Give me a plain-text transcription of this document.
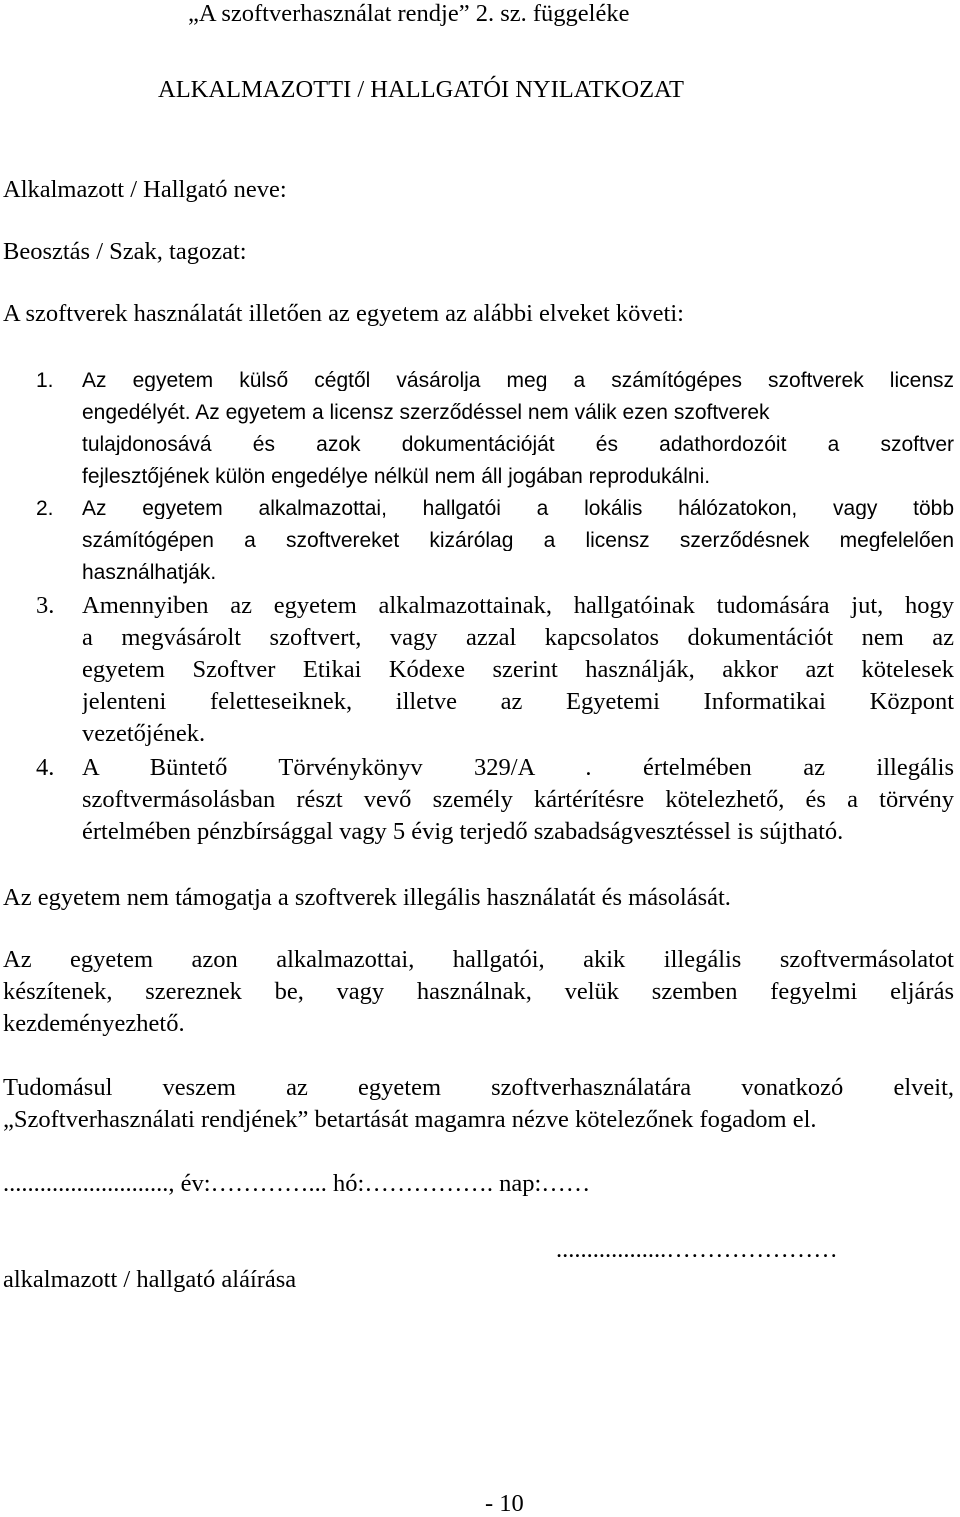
„A szoftverhasználat rendje” 2. sz. függeléke
ALKALMAZOTTI / HALLGATÓI NYILATKOZAT
Alkalmazott / Hallgató neve:
Beosztás / Szak, tagozat:
A szoftverek használatát illetően az egyetem az alábbi elveket követi:
1. Az egyetem külső cégtől vásárolja meg a számítógépes szoftverek licensz
engedélyét. Az egyetem a licensz szerződéssel nem válik ezen szoftverek
tulajdonosává és azok dokumentációját és adathordozóit a szoftver
fejlesztőjének külön engedélye nélkül nem áll jogában reprodukálni.
2. Az egyetem alkalmazottai, hallgatói a lokális hálózatokon, vagy több
számítógépen a szoftvereket kizárólag a licensz szerződésnek megfelelően
használhatják.
3. Amennyiben az egyetem alkalmazottainak, hallgatóinak tudomására jut, hogy
a megvásárolt szoftvert, vagy azzal kapcsolatos dokumentációt nem az
egyetem Szoftver Etikai Kódexe szerint használják, akkor azt kötelesek
jelenteni feletteseiknek, illetve az Egyetemi Informatikai Központ
vezetőjének.
4. A Büntető Törvénykönyv 329/A . értelmében az illegális
szoftvermásolásban részt vevő személy kártérítésre kötelezhető, és a törvény
értelmében pénzbírsággal vagy 5 évig terjedő szabadságvesztéssel is sújtható.
Az egyetem nem támogatja a szoftverek illegális használatát és másolását.
Az egyetem azon alkalmazottai, hallgatói, akik illegális szoftvermásolatot
készítenek, szereznek be, vagy használnak, velük szemben fegyelmi eljárás
kezdeményezhető.
Tudomásul veszem az egyetem szoftverhasználatára vonatkozó elveit,
„Szoftverhasználati rendjének” betartását magamra nézve kötelezőnek fogadom el.
..........................., év:…………... hó:……………. nap:……
..................…………………
alkalmazott / hallgató aláírása
- 10
